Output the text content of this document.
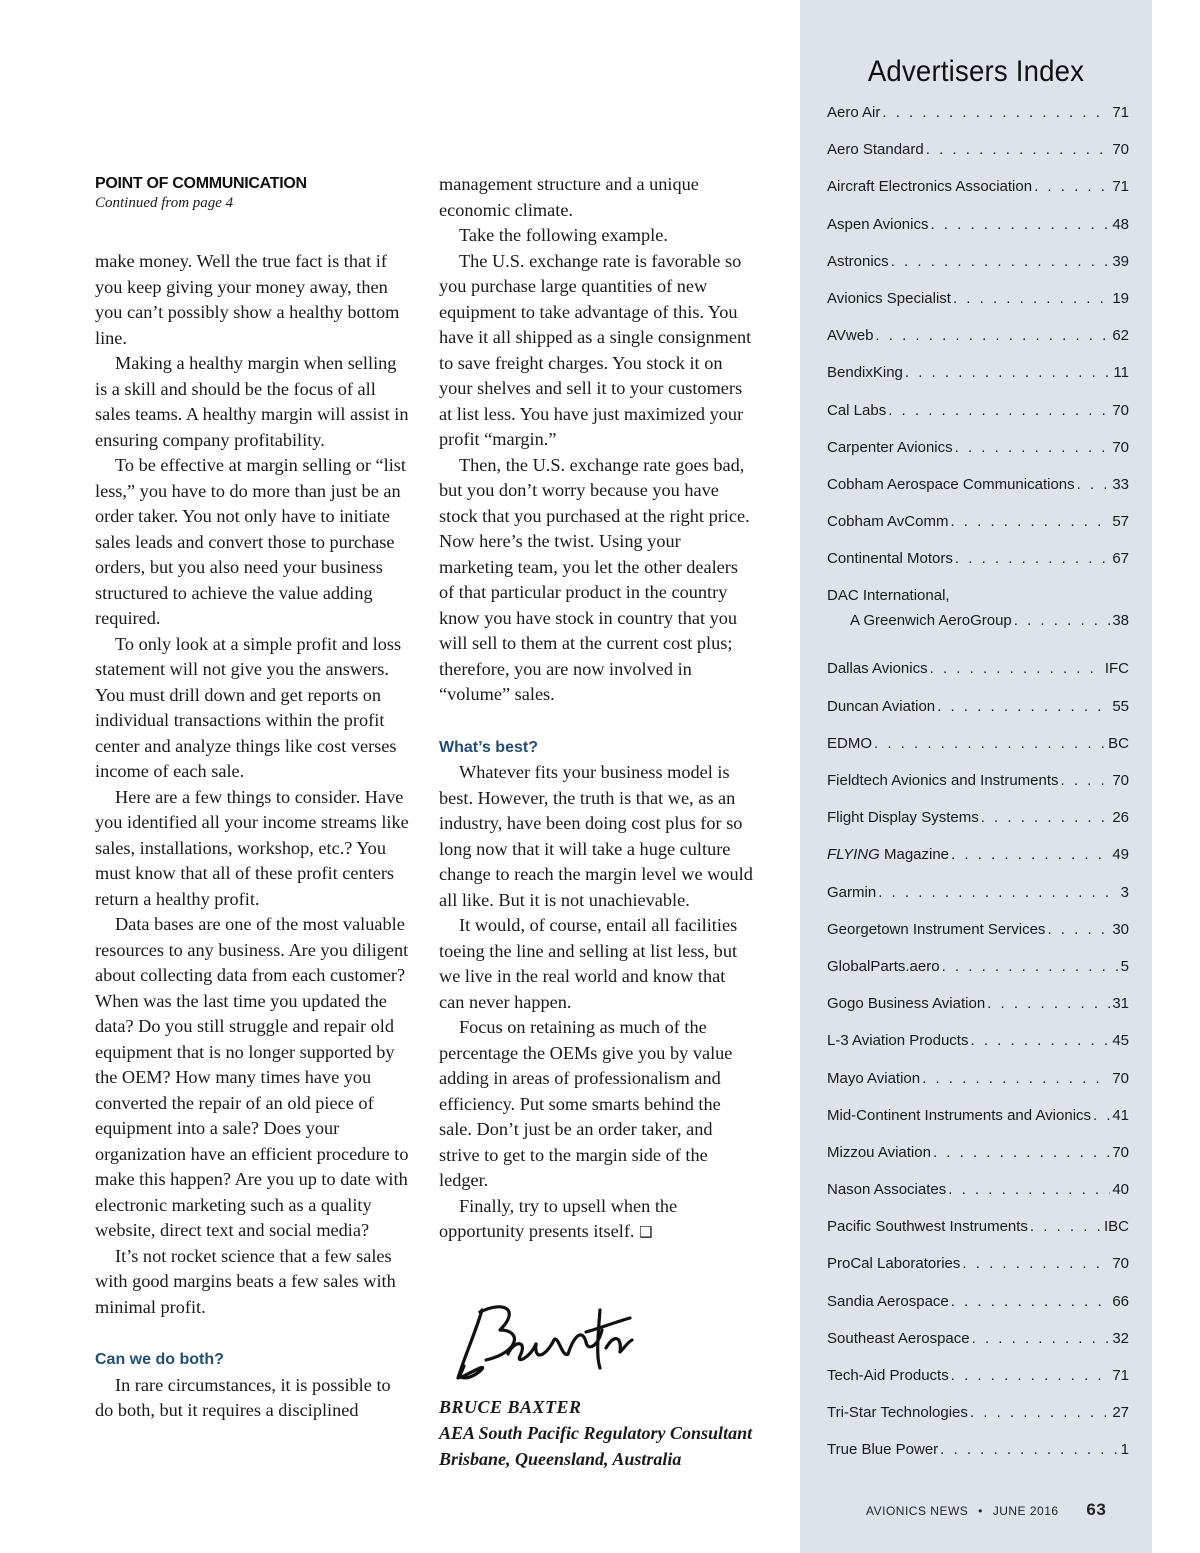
POINT OF COMMUNICATION
Continued from page 4

make money. Well the true fact is that if you keep giving your money away, then you can’t possibly show a healthy bottom line.

Making a healthy margin when selling is a skill and should be the focus of all sales teams. A healthy margin will assist in ensuring company profitability.

To be effective at margin selling or “list less,” you have to do more than just be an order taker. You not only have to initiate sales leads and convert those to purchase orders, but you also need your business structured to achieve the value adding required.

To only look at a simple profit and loss statement will not give you the answers. You must drill down and get reports on individual transactions within the profit center and analyze things like cost verses income of each sale.

Here are a few things to consider. Have you identified all your income streams like sales, installations, workshop, etc.? You must know that all of these profit centers return a healthy profit.

Data bases are one of the most valuable resources to any business. Are you diligent about collecting data from each customer? When was the last time you updated the data? Do you still struggle and repair old equipment that is no longer supported by the OEM? How many times have you converted the repair of an old piece of equipment into a sale? Does your organization have an efficient procedure to make this happen? Are you up to date with electronic marketing such as a quality website, direct text and social media?

It’s not rocket science that a few sales with good margins beats a few sales with minimal profit.

Can we do both?

In rare circumstances, it is possible to do both, but it requires a disciplined

management structure and a unique economic climate.

Take the following example.

The U.S. exchange rate is favorable so you purchase large quantities of new equipment to take advantage of this. You have it all shipped as a single consignment to save freight charges. You stock it on your shelves and sell it to your customers at list less. You have just maximized your profit “margin.”

Then, the U.S. exchange rate goes bad, but you don’t worry because you have stock that you purchased at the right price. Now here’s the twist. Using your marketing team, you let the other dealers of that particular product in the country know you have stock in country that you will sell to them at the current cost plus; therefore, you are now involved in “volume” sales.

What’s best?

Whatever fits your business model is best. However, the truth is that we, as an industry, have been doing cost plus for so long now that it will take a huge culture change to reach the margin level we would all like. But it is not unachievable.

It would, of course, entail all facilities toeing the line and selling at list less, but we live in the real world and know that can never happen.

Focus on retaining as much of the percentage the OEMs give you by value adding in areas of professionalism and efficiency. Put some smarts behind the sale. Don’t just be an order taker, and strive to get to the margin side of the ledger.

Finally, try to upsell when the opportunity presents itself. ❑

BRUCE BAXTER
AEA South Pacific Regulatory Consultant
Brisbane, Queensland, Australia
Advertisers Index
Aero Air . . .	71
Aero Standard . . .	70
Aircraft Electronics Association . . .	71
Aspen Avionics . . .	48
Astronics . . .	39
Avionics Specialist . . .	19
AVweb . . .	62
BendixKing . . .	11
Cal Labs . . .	70
Carpenter Avionics . . .	70
Cobham Aerospace Communications . . .	33
Cobham AvComm . . .	57
Continental Motors . . .	67
DAC International,
A Greenwich AeroGroup . . .	38
Dallas Avionics . . .	IFC
Duncan Aviation . . .	55
EDMO . . .	BC
Fieldtech Avionics and Instruments . . .	70
Flight Display Systems . . .	26
FLYING Magazine . . .	49
Garmin . . .	3
Georgetown Instrument Services . . .	30
GlobalParts.aero . . .	5
Gogo Business Aviation . . .	31
L-3 Aviation Products . . .	45
Mayo Aviation . . .	70
Mid-Continent Instruments and Avionics . . . 41
Mizzou Aviation . . .	70
Nason Associates . . .	40
Pacific Southwest Instruments . . .	IBC
ProCal Laboratories . . .	70
Sandia Aerospace . . .	66
Southeast Aerospace . . .	32
Tech-Aid Products . . .	71
Tri-Star Technologies . . .	27
True Blue Power . . .	1
AVIONICS NEWS • JUNE 2016 63
